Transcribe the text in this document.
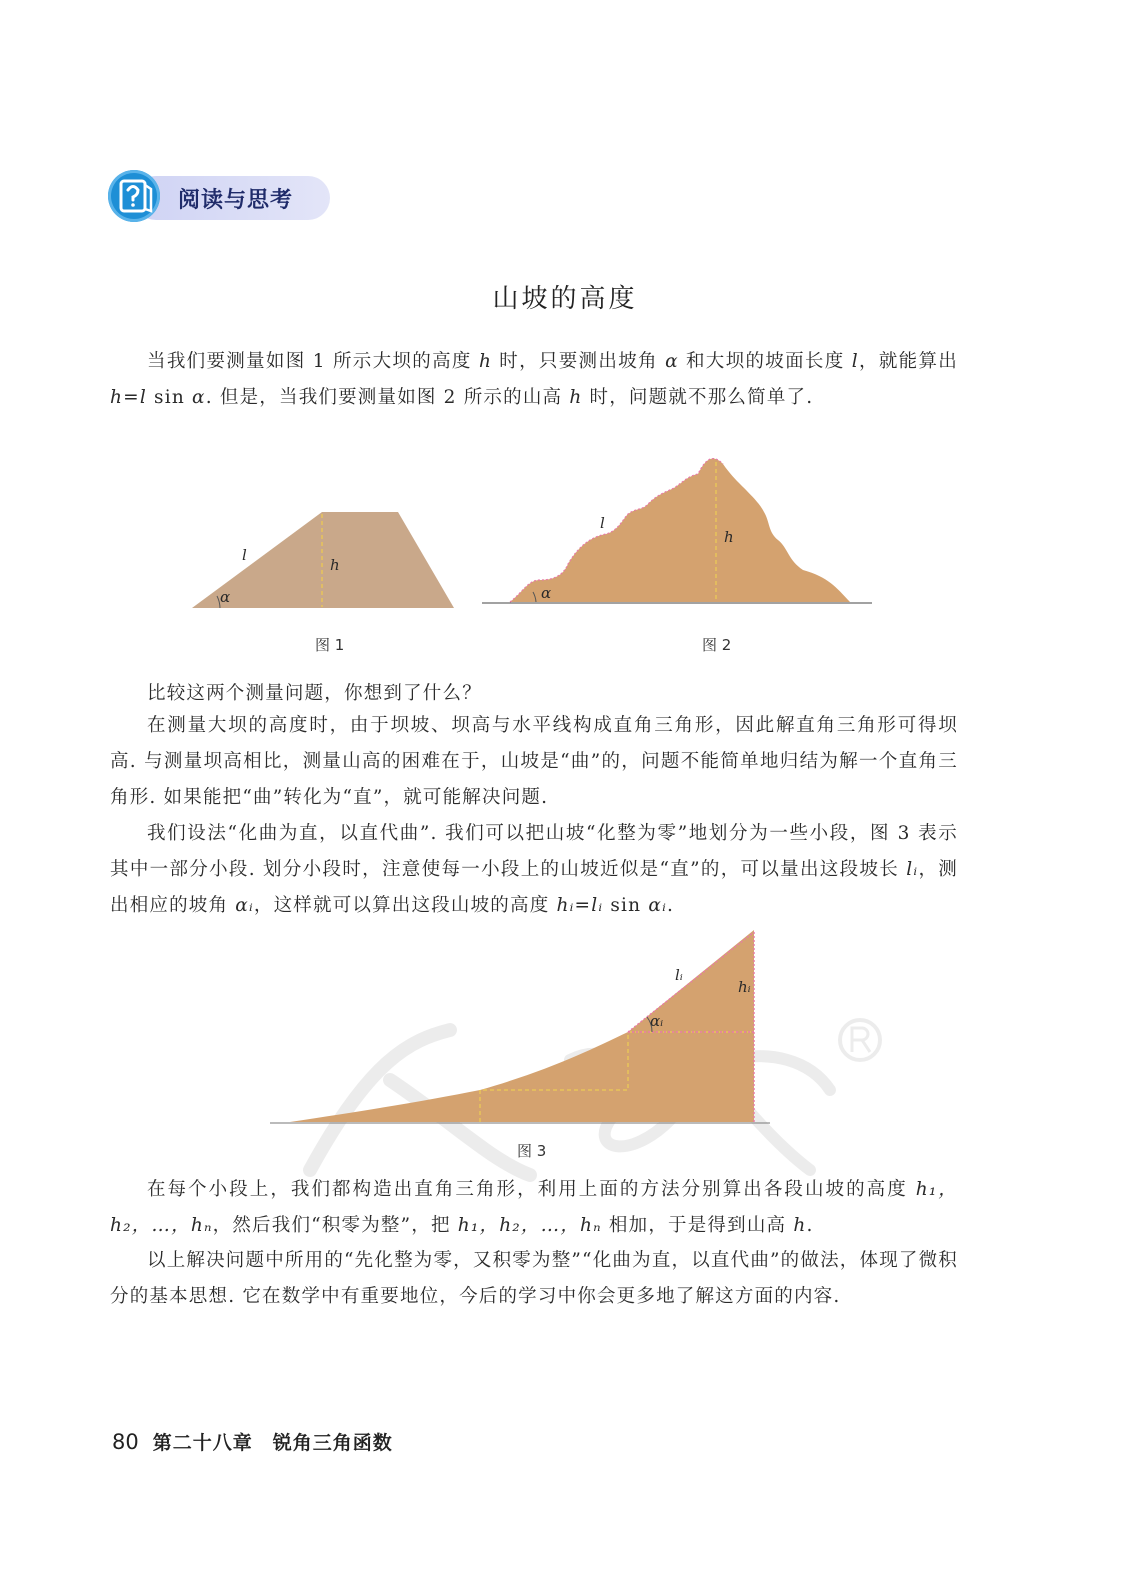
阅读与思考
山坡的高度

当我们要测量如图 1 所示大坝的高度 h 时，只要测出坡角 α 和大坝的坡面长度 l，就能算出 h=l sin α. 但是，当我们要测量如图 2 所示的山高 h 时，问题就不那么简单了.

l
h
α
图 1
l
h
α
图 2

比较这两个测量问题，你想到了什么？

在测量大坝的高度时，由于坝坡、坝高与水平线构成直角三角形，因此解直角三角形可得坝高. 与测量坝高相比，测量山高的困难在于，山坡是“曲”的，问题不能简单地归结为解一个直角三角形. 如果能把“曲”转化为“直”，就可能解决问题.

我们设法“化曲为直，以直代曲”. 我们可以把山坡“化整为零”地划分为一些小段，图 3 表示其中一部分小段. 划分小段时，注意使每一小段上的山坡近似是“直”的，可以量出这段坡长 lᵢ，测出相应的坡角 αᵢ，这样就可以算出这段山坡的高度 hᵢ=lᵢ sin αᵢ.

lᵢ
hᵢ
αᵢ
图 3

在每个小段上，我们都构造出直角三角形，利用上面的方法分别算出各段山坡的高度 h₁，h₂，…，hₙ，然后我们“积零为整”，把 h₁，h₂，…，hₙ 相加，于是得到山高 h.

以上解决问题中所用的“先化整为零，又积零为整”“化曲为直，以直代曲”的做法，体现了微积分的基本思想. 它在数学中有重要地位，今后的学习中你会更多地了解这方面的内容.

80 第二十八章　锐角三角函数
